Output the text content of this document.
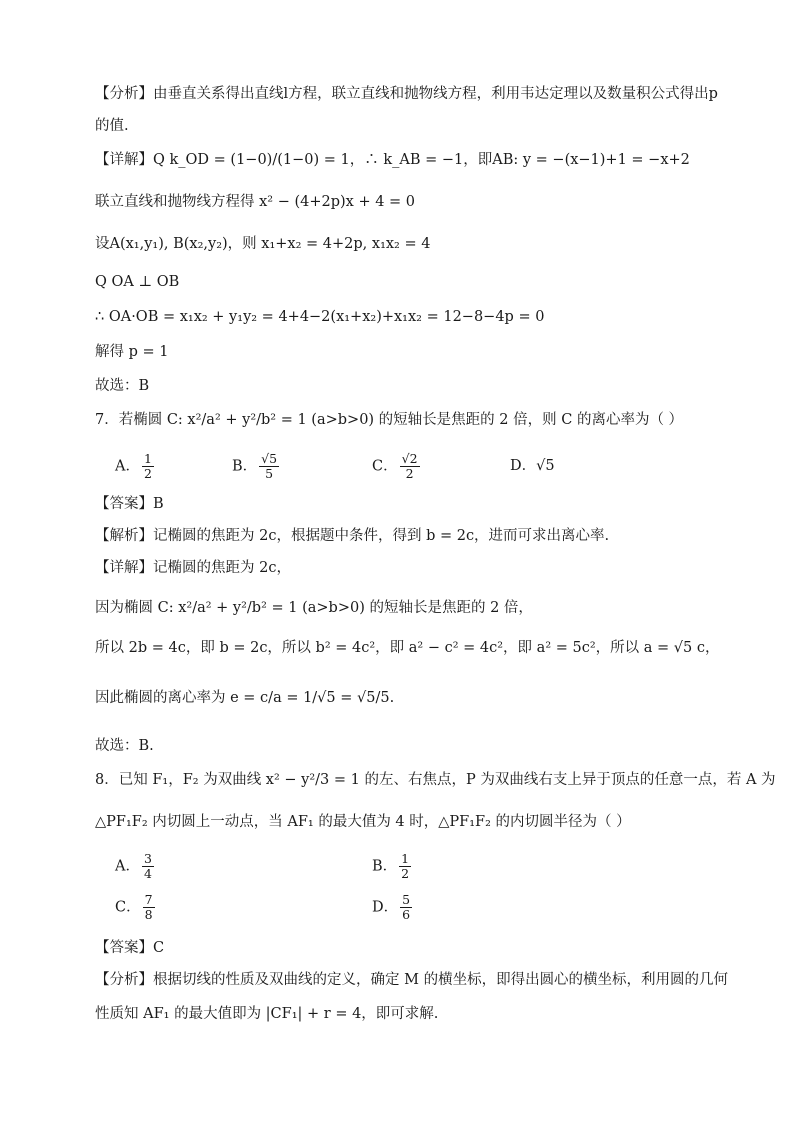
【分析】由垂直关系得出直线l方程，联立直线和抛物线方程，利用韦达定理以及数量积公式得出p
的值.
【详解】Q k_OD = (1−0)/(1−0) = 1，∴ k_AB = −1，即AB: y = −(x−1)+1 = −x+2
联立直线和抛物线方程得 x² − (4+2p)x + 4 = 0
设A(x₁,y₁), B(x₂,y₂)，则 x₁+x₂ = 4+2p, x₁x₂ = 4
Q OA ⊥ OB
∴ OA·OB = x₁x₂ + y₁y₂ = 4+4−2(x₁+x₂)+x₁x₂ = 12−8−4p = 0
解得 p = 1
故选：B
7．若椭圆 C: x²/a² + y²/b² = 1 (a>b>0) 的短轴长是焦距的 2 倍，则 C 的离心率为（ ）
A． $\frac{1}{2}$	B． $\frac{√5}{5}$	C． $\frac{√2}{2}$	D．√5
【答案】B
【解析】记椭圆的焦距为 2c，根据题中条件，得到 b = 2c，进而可求出离心率.
【详解】记椭圆的焦距为 2c，
因为椭圆 C: x²/a² + y²/b² = 1 (a>b>0) 的短轴长是焦距的 2 倍，
所以 2b = 4c，即 b = 2c，所以 b² = 4c²，即 a² − c² = 4c²，即 a² = 5c²，所以 a = √5 c，
因此椭圆的离心率为 e = c/a = 1/√5 = √5/5.
故选：B.
8．已知 F₁，F₂ 为双曲线 x² − y²/3 = 1 的左、右焦点，P 为双曲线右支上异于顶点的任意一点，若 A 为
△PF₁F₂ 内切圆上一动点，当 AF₁ 的最大值为 4 时，△PF₁F₂ 的内切圆半径为（ ）
A． $\frac{3}{4}$	B． $\frac{1}{2}$
C． $\frac{7}{8}$	D． $\frac{5}{6}$
【答案】C
【分析】根据切线的性质及双曲线的定义，确定 M 的横坐标，即得出圆心的横坐标，利用圆的几何
性质知 AF₁ 的最大值即为 |CF₁| + r = 4，即可求解.
